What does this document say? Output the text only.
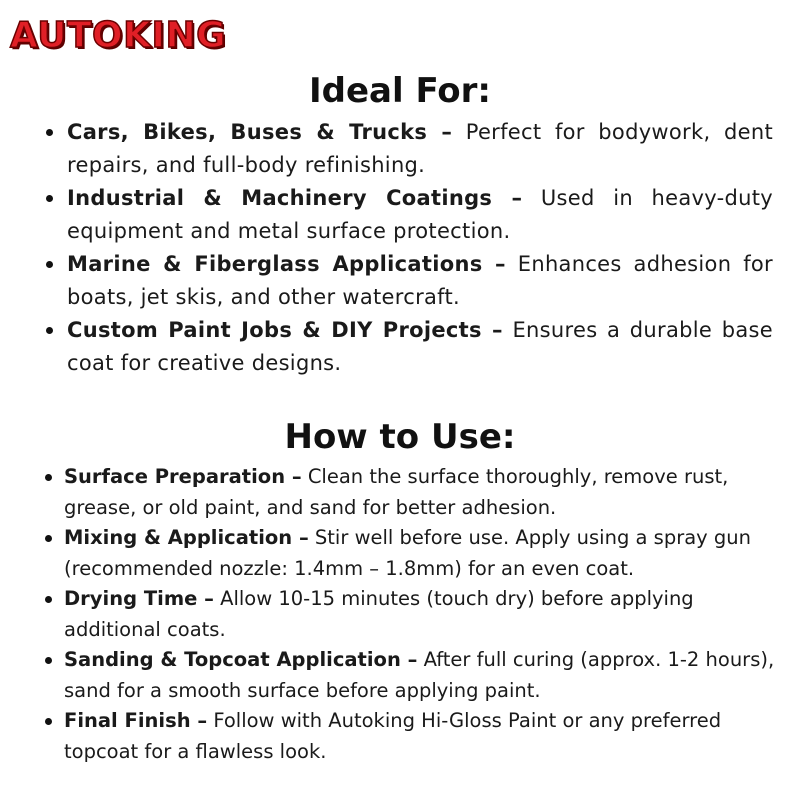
AUTOKING
Ideal For:
Cars, Bikes, Buses & Trucks – Perfect for bodywork, dent repairs, and full-body refinishing.
Industrial & Machinery Coatings – Used in heavy-duty equipment and metal surface protection.
Marine & Fiberglass Applications – Enhances adhesion for boats, jet skis, and other watercraft.
Custom Paint Jobs & DIY Projects – Ensures a durable base coat for creative designs.
How to Use:
Surface Preparation – Clean the surface thoroughly, remove rust, grease, or old paint, and sand for better adhesion.
Mixing & Application – Stir well before use. Apply using a spray gun (recommended nozzle: 1.4mm – 1.8mm) for an even coat.
Drying Time – Allow 10-15 minutes (touch dry) before applying additional coats.
Sanding & Topcoat Application – After full curing (approx. 1-2 hours), sand for a smooth surface before applying paint.
Final Finish – Follow with Autoking Hi-Gloss Paint or any preferred topcoat for a flawless look.
